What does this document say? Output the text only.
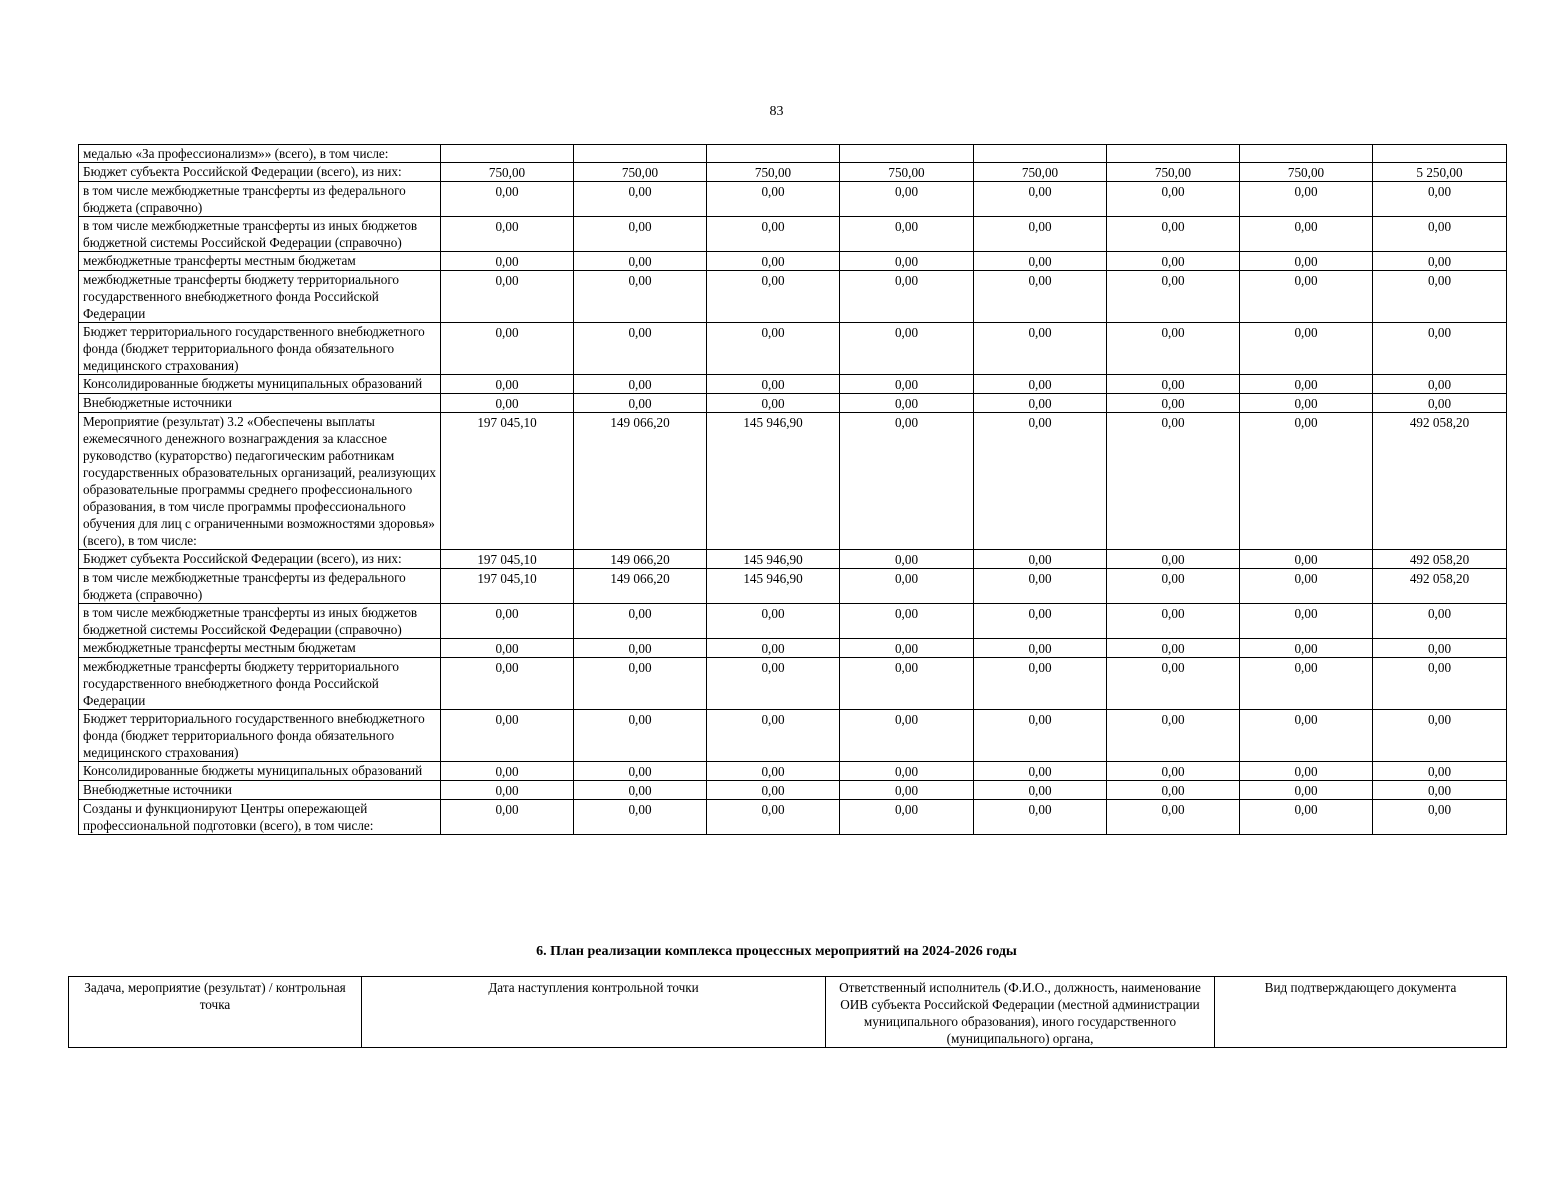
83
медалью «За профессионализм»» (всего), в том числе:								
Бюджет субъекта Российской Федерации (всего), из них:	750,00	750,00	750,00	750,00	750,00	750,00	750,00	5 250,00
в том числе межбюджетные трансферты из федерального бюджета (справочно)	0,00	0,00	0,00	0,00	0,00	0,00	0,00	0,00
в том числе межбюджетные трансферты из иных бюджетов бюджетной системы Российской Федерации (справочно)	0,00	0,00	0,00	0,00	0,00	0,00	0,00	0,00
межбюджетные трансферты местным бюджетам	0,00	0,00	0,00	0,00	0,00	0,00	0,00	0,00
межбюджетные трансферты бюджету территориального государственного внебюджетного фонда Российской Федерации	0,00	0,00	0,00	0,00	0,00	0,00	0,00	0,00
Бюджет территориального государственного внебюджетного фонда (бюджет территориального фонда обязательного медицинского страхования)	0,00	0,00	0,00	0,00	0,00	0,00	0,00	0,00
Консолидированные бюджеты муниципальных образований	0,00	0,00	0,00	0,00	0,00	0,00	0,00	0,00
Внебюджетные источники	0,00	0,00	0,00	0,00	0,00	0,00	0,00	0,00
Мероприятие (результат) 3.2 «Обеспечены выплаты ежемесячного денежного вознаграждения за классное руководство (кураторство) педагогическим работникам государственных образовательных организаций, реализующих образовательные программы среднего профессионального образования, в том числе программы профессионального обучения для лиц с ограниченными возможностями здоровья» (всего), в том числе:	197 045,10	149 066,20	145 946,90	0,00	0,00	0,00	0,00	492 058,20
Бюджет субъекта Российской Федерации (всего), из них:	197 045,10	149 066,20	145 946,90	0,00	0,00	0,00	0,00	492 058,20
в том числе межбюджетные трансферты из федерального бюджета (справочно)	197 045,10	149 066,20	145 946,90	0,00	0,00	0,00	0,00	492 058,20
в том числе межбюджетные трансферты из иных бюджетов бюджетной системы Российской Федерации (справочно)	0,00	0,00	0,00	0,00	0,00	0,00	0,00	0,00
межбюджетные трансферты местным бюджетам	0,00	0,00	0,00	0,00	0,00	0,00	0,00	0,00
межбюджетные трансферты бюджету территориального государственного внебюджетного фонда Российской Федерации	0,00	0,00	0,00	0,00	0,00	0,00	0,00	0,00
Бюджет территориального государственного внебюджетного фонда (бюджет территориального фонда обязательного медицинского страхования)	0,00	0,00	0,00	0,00	0,00	0,00	0,00	0,00
Консолидированные бюджеты муниципальных образований	0,00	0,00	0,00	0,00	0,00	0,00	0,00	0,00
Внебюджетные источники	0,00	0,00	0,00	0,00	0,00	0,00	0,00	0,00
Созданы и функционируют Центры опережающей профессиональной подготовки (всего), в том числе:	0,00	0,00	0,00	0,00	0,00	0,00	0,00	0,00
6. План реализации комплекса процессных мероприятий на 2024-2026 годы
Задача, мероприятие (результат) / контрольная точка	Дата наступления контрольной точки	Ответственный исполнитель (Ф.И.О., должность, наименование ОИВ субъекта Российской Федерации (местной администрации муниципального образования), иного государственного (муниципального) органа,	Вид подтверждающего документа
